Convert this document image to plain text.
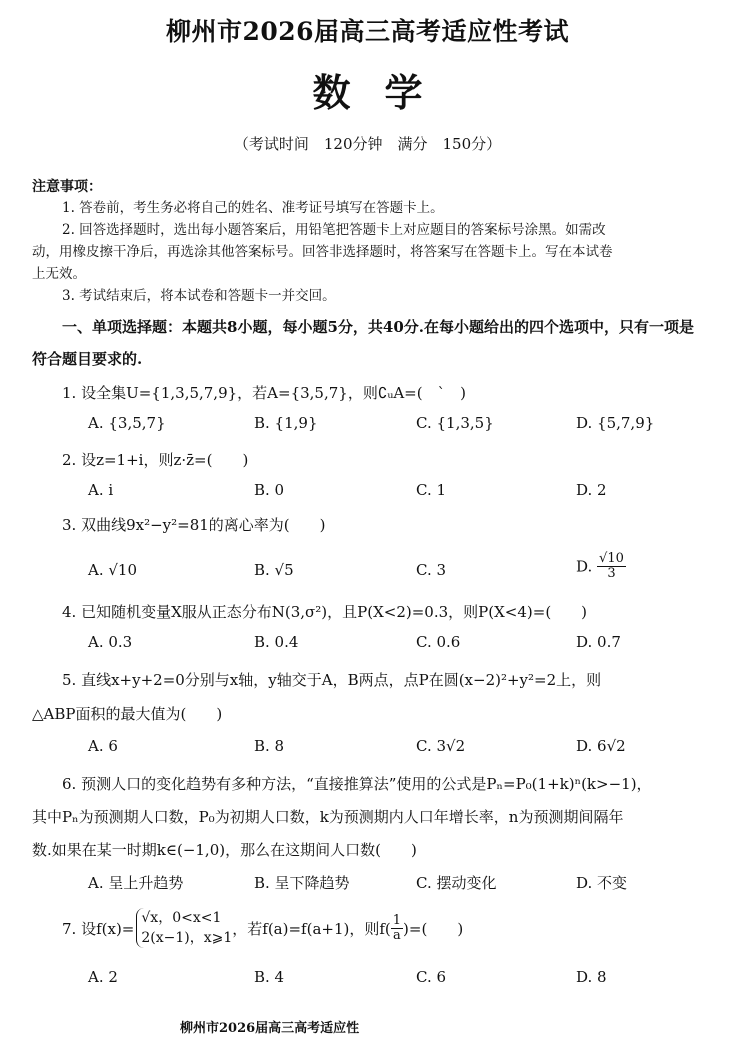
柳州市2026届高三高考适应性考试
数学
（考试时间　120分钟　满分　150分）
注意事项：
1. 答卷前，考生务必将自己的姓名、准考证号填写在答题卡上。
2. 回答选择题时，选出每小题答案后，用铅笔把答题卡上对应题目的答案标号涂黑。如需改
动，用橡皮擦干净后，再选涂其他答案标号。回答非选择题时，将答案写在答题卡上。写在本试卷
上无效。
3. 考试结束后，将本试卷和答题卡一并交回。
一、单项选择题：本题共8小题，每小题5分，共40分.在每小题给出的四个选项中，只有一项是
符合题目要求的.
1. 设全集U={1,3,5,7,9}，若A={3,5,7}，则∁ᵤA=(　`　)
A. {3,5,7}	B. {1,9}	C. {1,3,5}	D. {5,7,9}
2. 设z=1+i，则z·z̄=(　　)
A. i	B. 0	C. 1	D. 2
3. 双曲线9x²−y²=81的离心率为(　　)
A. √10	B. √5	C. 3	D. $\frac{√10}{3}$
4. 已知随机变量X服从正态分布N(3,σ²)，且P(X<2)=0.3，则P(X<4)=(　　)
A. 0.3	B. 0.4	C. 0.6	D. 0.7
5. 直线x+y+2=0分别与x轴，y轴交于A，B两点，点P在圆(x−2)²+y²=2上，则
△ABP面积的最大值为(　　)
A. 6	B. 8	C. 3√2	D. 6√2
6. 预测人口的变化趋势有多种方法，“直接推算法”使用的公式是Pₙ=P₀(1+k)ⁿ(k>−1)，
其中Pₙ为预测期人口数，P₀为初期人口数，k为预测期内人口年增长率，n为预测期间隔年
数.如果在某一时期k∈(−1,0)，那么在这期间人口数(　　)
A. 呈上升趋势	B. 呈下降趋势	C. 摆动变化	D. 不变
7. 设f(x)=
√x，0<x<1
2(x−1)，x⩾1
，若f(a)=f(a+1)，则$f( \frac{1}{a}$ )=(　　)
A. 2	B. 4	C. 6	D. 8
柳州市2026届高三高考适应性
